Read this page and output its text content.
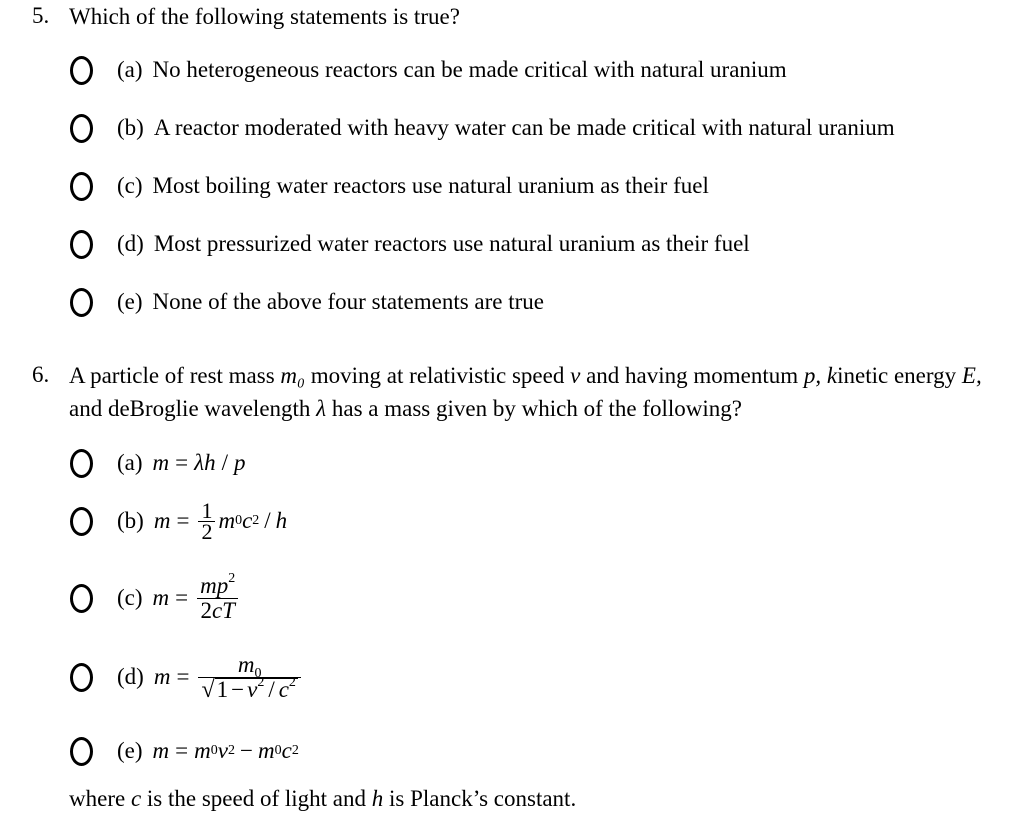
5. Which of the following statements is true?
(a) No heterogeneous reactors can be made critical with natural uranium
(b) A reactor moderated with heavy water can be made critical with natural uranium
(c) Most boiling water reactors use natural uranium as their fuel
(d) Most pressurized water reactors use natural uranium as their fuel
(e) None of the above four statements are true
6. A particle of rest mass m₀ moving at relativistic speed v and having momentum p, kinetic energy E, and deBroglie wavelength λ has a mass given by which of the following?
(a) m = λh / p
(b) $m = \frac{1}{2}$ m 0 c 2 / h
(c) $m = \frac{mp^2}{2cT}$
(d) $m = \frac{m_0}{√ 1 - v^2 / c^2}$
(e) m = m 0 v 2 − m 0 c 2
where c is the speed of light and h is Planck’s constant.
